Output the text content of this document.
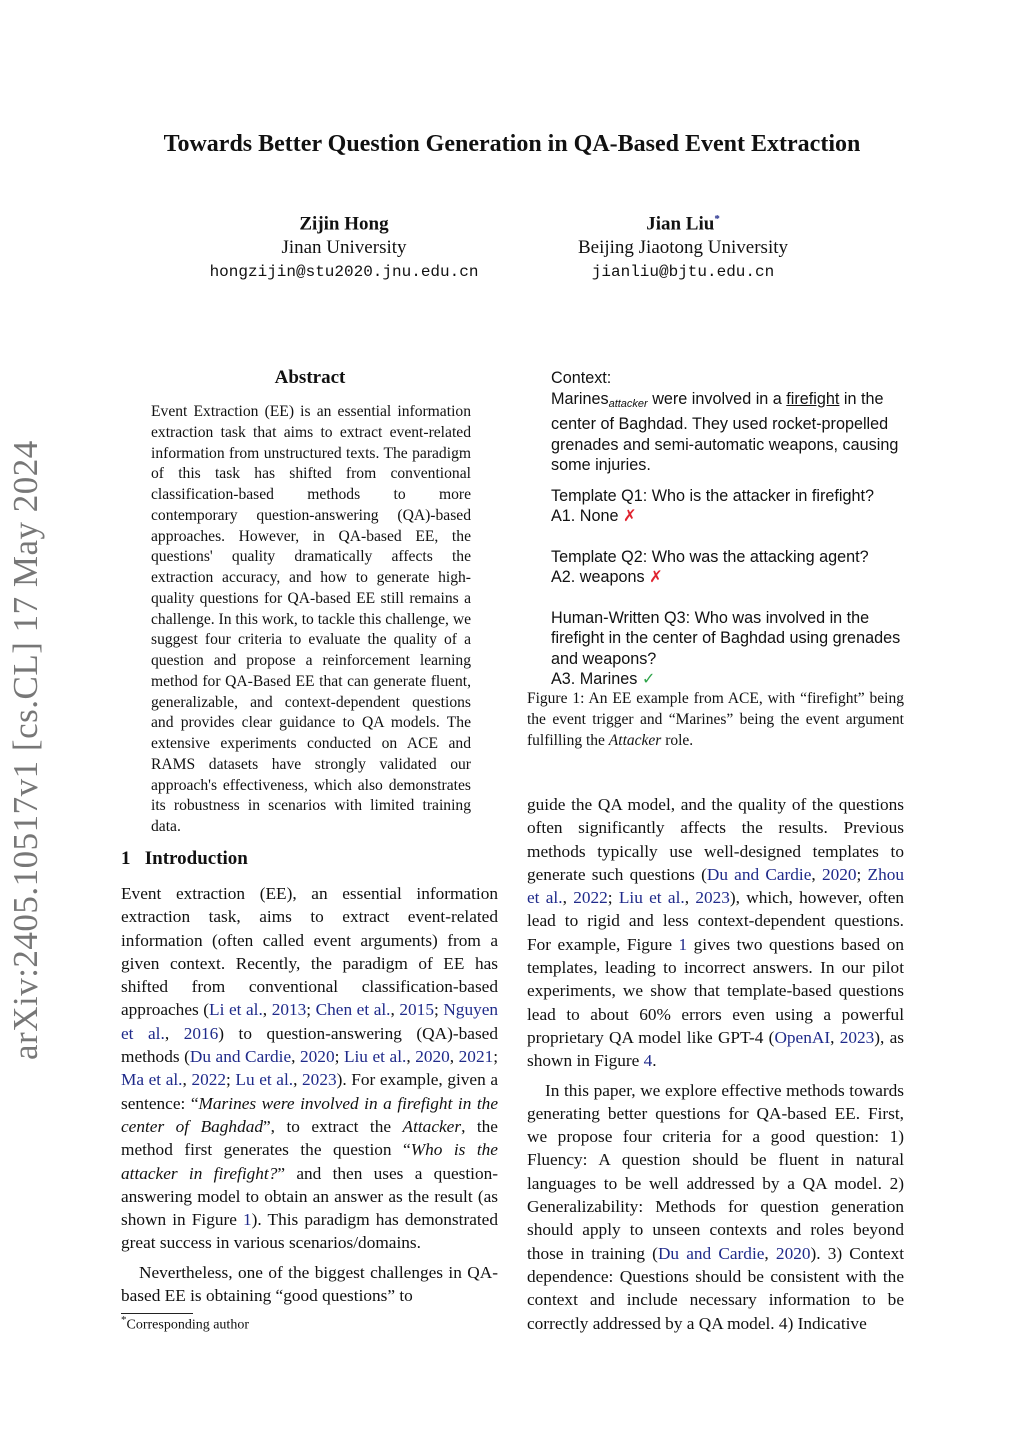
Towards Better Question Generation in QA-Based Event Extraction
Zijin Hong
Jinan University
hongzijin@stu2020.jnu.edu.cn
Jian Liu*
Beijing Jiaotong University
jianliu@bjtu.edu.cn
arXiv:2405.10517v1 [cs.CL] 17 May 2024
Abstract
Event Extraction (EE) is an essential information extraction task that aims to extract event-related information from unstructured texts. The paradigm of this task has shifted from conventional classification-based methods to more contemporary question-answering (QA)-based approaches. However, in QA-based EE, the questions' quality dramatically affects the extraction accuracy, and how to generate high-quality questions for QA-based EE still remains a challenge. In this work, to tackle this challenge, we suggest four criteria to evaluate the quality of a question and propose a reinforcement learning method for QA-Based EE that can generate fluent, generalizable, and context-dependent questions and provides clear guidance to QA models. The extensive experiments conducted on ACE and RAMS datasets have strongly validated our approach's effectiveness, which also demonstrates its robustness in scenarios with limited training data.
1   Introduction

Event extraction (EE), an essential information extraction task, aims to extract event-related information (often called event arguments) from a given context. Recently, the paradigm of EE has shifted from conventional classification-based approaches (Li et al., 2013; Chen et al., 2015; Nguyen et al., 2016) to question-answering (QA)-based methods (Du and Cardie, 2020; Liu et al., 2020, 2021; Ma et al., 2022; Lu et al., 2023). For example, given a sentence: “Marines were involved in a firefight in the center of Baghdad”, to extract the Attacker, the method first generates the question “Who is the attacker in firefight?” and then uses a question-answering model to obtain an answer as the result (as shown in Figure 1). This paradigm has demonstrated great success in various scenarios/domains.

Nevertheless, one of the biggest challenges in QA-based EE is obtaining “good questions” to

Context:

Marines$_{attacker}$ were involved in a firefight in the center of Baghdad. They used rocket-propelled grenades and semi-automatic weapons, causing some injuries.

Template Q1: Who is the attacker in firefight?

A1. None ✗

Template Q2: Who was the attacking agent?

A2. weapons ✗

Human-Written Q3: Who was involved in the firefight in the center of Baghdad using grenades and weapons?

A3. Marines ✓

Figure 1: An EE example from ACE, with “firefight” being the event trigger and “Marines” being the event argument fulfilling the Attacker role.

guide the QA model, and the quality of the questions often significantly affects the results. Previous methods typically use well-designed templates to generate such questions (Du and Cardie, 2020; Zhou et al., 2022; Liu et al., 2023), which, however, often lead to rigid and less context-dependent questions. For example, Figure 1 gives two questions based on templates, leading to incorrect answers. In our pilot experiments, we show that template-based questions lead to about 60% errors even using a powerful proprietary QA model like GPT-4 (OpenAI, 2023), as shown in Figure 4.

In this paper, we explore effective methods towards generating better questions for QA-based EE. First, we propose four criteria for a good question: 1) Fluency: A question should be fluent in natural languages to be well addressed by a QA model. 2) Generalizability: Methods for question generation should apply to unseen contexts and roles beyond those in training (Du and Cardie, 2020). 3) Context dependence: Questions should be consistent with the context and include necessary information to be correctly addressed by a QA model. 4) Indicative

*Corresponding author
